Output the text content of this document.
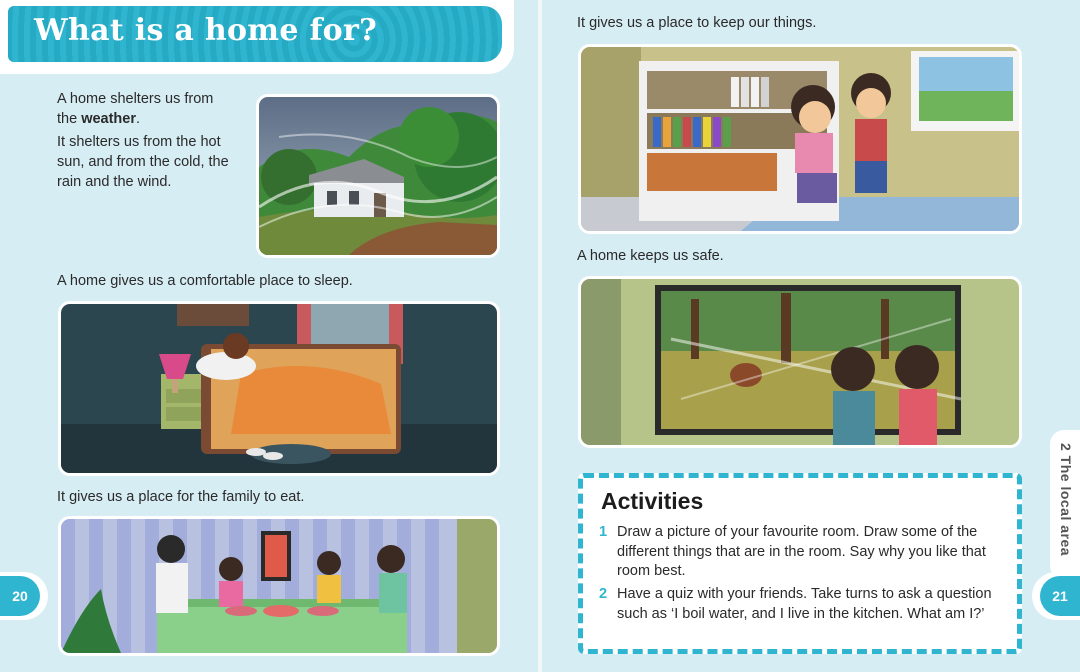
What is a home for?
A home shelters us from the weather.
It shelters us from the hot sun, and from the cold, the rain and the wind.
A home gives us a comfortable place to sleep.
It gives us a place for the family to eat.
20
It gives us a place to keep our things.
A home keeps us safe.
Activities
1 Draw a picture of your favourite room. Draw some of the different things that are in the room. Say why you like that room best.
2 Have a quiz with your friends. Take turns to ask a question such as ‘I boil water, and I live in the kitchen. What am I?’
2 The local area
21
